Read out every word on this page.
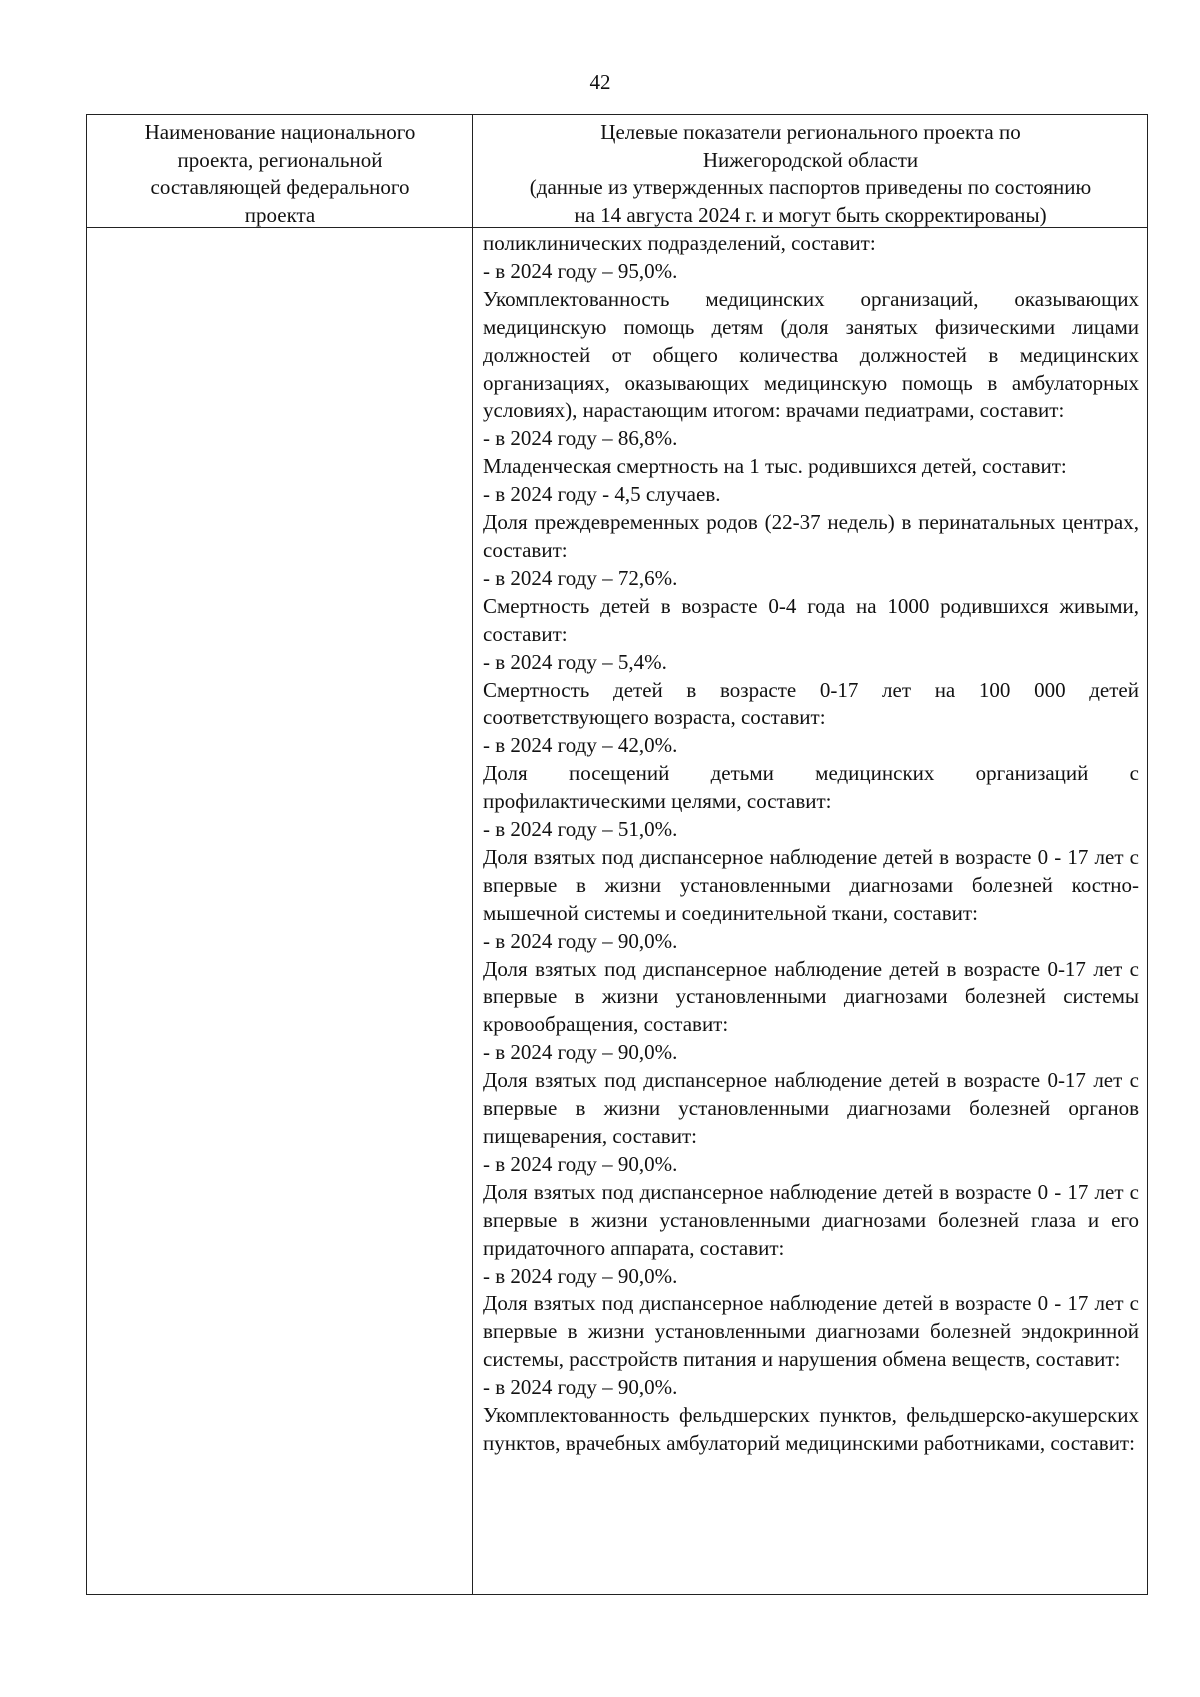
42
Наименование национального
проекта, региональной
составляющей федерального
проекта
Целевые показатели регионального проекта по
Нижегородской области
(данные из утвержденных паспортов приведены по состоянию
на 14 августа 2024 г. и могут быть скорректированы)

поликлинических подразделений, составит:

- в 2024 году – 95,0%.

Укомплектованность медицинских организаций, оказывающих медицинскую помощь детям (доля занятых физическими лицами должностей от общего количества должностей в медицинских организациях, оказывающих медицинскую помощь в амбулаторных условиях), нарастающим итогом: врачами педиатрами, составит:

- в 2024 году – 86,8%.

Младенческая смертность на 1 тыс. родившихся детей, составит:

- в 2024 году - 4,5 случаев.

Доля преждевременных родов (22-37 недель) в перинатальных центрах, составит:

- в 2024 году – 72,6%.

Смертность детей в возрасте 0-4 года на 1000 родившихся живыми, составит:

- в 2024 году – 5,4%.

Смертность детей в возрасте 0-17 лет на 100 000 детей соответствующего возраста, составит:

- в 2024 году – 42,0%.

Доля посещений детьми медицинских организаций с профилактическими целями, составит:

- в 2024 году – 51,0%.

Доля взятых под диспансерное наблюдение детей в возрасте 0 - 17 лет с впервые в жизни установленными диагнозами болезней костно-мышечной системы и соединительной ткани, составит:

- в 2024 году – 90,0%.

Доля взятых под диспансерное наблюдение детей в возрасте 0-17 лет с впервые в жизни установленными диагнозами болезней системы кровообращения, составит:

- в 2024 году – 90,0%.

Доля взятых под диспансерное наблюдение детей в возрасте 0-17 лет с впервые в жизни установленными диагнозами болезней органов пищеварения, составит:

- в 2024 году – 90,0%.

Доля взятых под диспансерное наблюдение детей в возрасте 0 - 17 лет с впервые в жизни установленными диагнозами болезней глаза и его придаточного аппарата, составит:

- в 2024 году – 90,0%.

Доля взятых под диспансерное наблюдение детей в возрасте 0 - 17 лет с впервые в жизни установленными диагнозами болезней эндокринной системы, расстройств питания и нарушения обмена веществ, составит:

- в 2024 году – 90,0%.

Укомплектованность фельдшерских пунктов, фельдшерско-акушерских пунктов, врачебных амбулаторий медицинскими работниками, составит:
